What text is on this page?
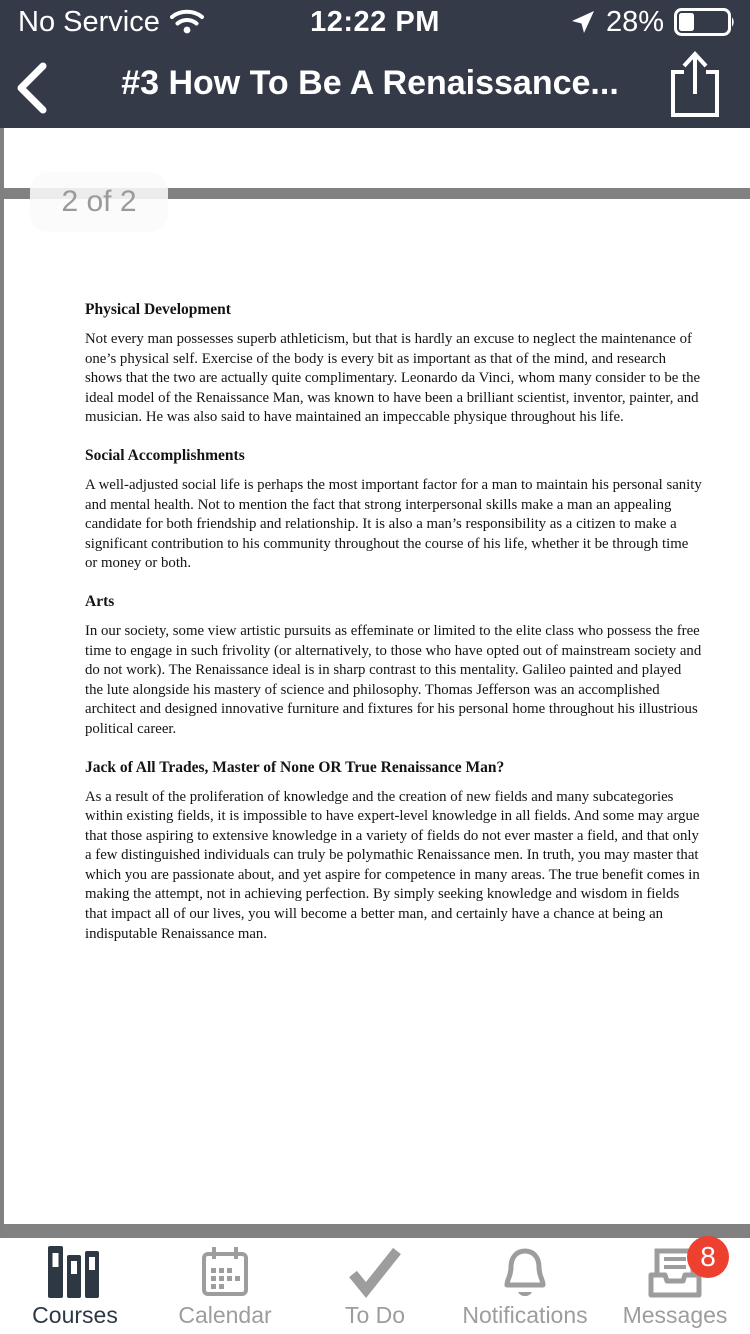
No Service	12:22 PM	28%
#3 How To Be A Renaissance...
2 of 2
Physical Development

Not every man possesses superb athleticism, but that is hardly an excuse to neglect the maintenance of one’s physical self. Exercise of the body is every bit as important as that of the mind, and research shows that the two are actually quite complimentary. Leonardo da Vinci, whom many consider to be the ideal model of the Renaissance Man, was known to have been a brilliant scientist, inventor, painter, and musician. He was also said to have maintained an impeccable physique throughout his life.

Social Accomplishments

A well-adjusted social life is perhaps the most important factor for a man to maintain his personal sanity and mental health. Not to mention the fact that strong interpersonal skills make a man an appealing candidate for both friendship and relationship. It is also a man’s responsibility as a citizen to make a significant contribution to his community throughout the course of his life, whether it be through time or money or both.

Arts

In our society, some view artistic pursuits as effeminate or limited to the elite class who possess the free time to engage in such frivolity (or alternatively, to those who have opted out of mainstream society and do not work). The Renaissance ideal is in sharp contrast to this mentality. Galileo painted and played the lute alongside his mastery of science and philosophy. Thomas Jefferson was an accomplished architect and designed innovative furniture and fixtures for his personal home throughout his illustrious political career.

Jack of All Trades, Master of None OR True Renaissance Man?

As a result of the proliferation of knowledge and the creation of new fields and many subcategories within existing fields, it is impossible to have expert-level knowledge in all fields. And some may argue that those aspiring to extensive knowledge in a variety of fields do not ever master a field, and that only a few distinguished individuals can truly be polymathic Renaissance men. In truth, you may master that which you are passionate about, and yet aspire for competence in many areas. The true benefit comes in making the attempt, not in achieving perfection. By simply seeking knowledge and wisdom in fields that impact all of our lives, you will become a better man, and certainly have a chance at being an indisputable Renaissance man.

Courses	Calendar	To Do Notifications
8
Messages
